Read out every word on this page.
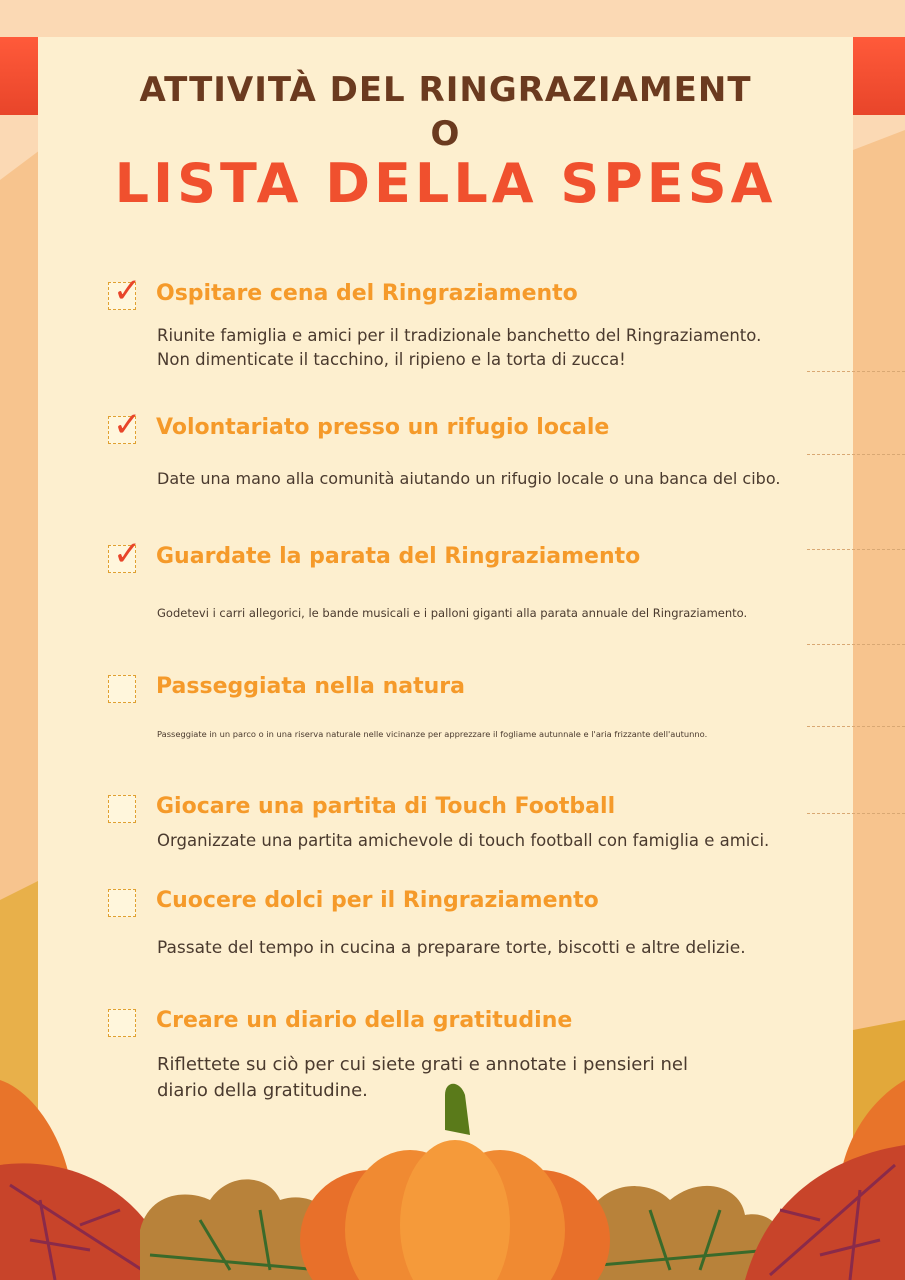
ATTIVITÀ DEL RINGRAZIAMENT
O
LISTA DELLA SPESA
✓ Ospitare cena del Ringraziamento
Riunite famiglia e amici per il tradizionale banchetto del Ringraziamento.
Non dimenticate il tacchino, il ripieno e la torta di zucca!
✓ Volontariato presso un rifugio locale
Date una mano alla comunità aiutando un rifugio locale o una banca del cibo.
✓ Guardate la parata del Ringraziamento
Godetevi i carri allegorici, le bande musicali e i palloni giganti alla parata annuale del Ringraziamento.
Passeggiata nella natura
Passeggiate in un parco o in una riserva naturale nelle vicinanze per apprezzare il fogliame autunnale e l'aria frizzante dell'autunno.
Giocare una partita di Touch Football
Organizzate una partita amichevole di touch football con famiglia e amici.
Cuocere dolci per il Ringraziamento
Passate del tempo in cucina a preparare torte, biscotti e altre delizie.
Creare un diario della gratitudine
Riflettete su ciò per cui siete grati e annotate i pensieri nel
diario della gratitudine.
